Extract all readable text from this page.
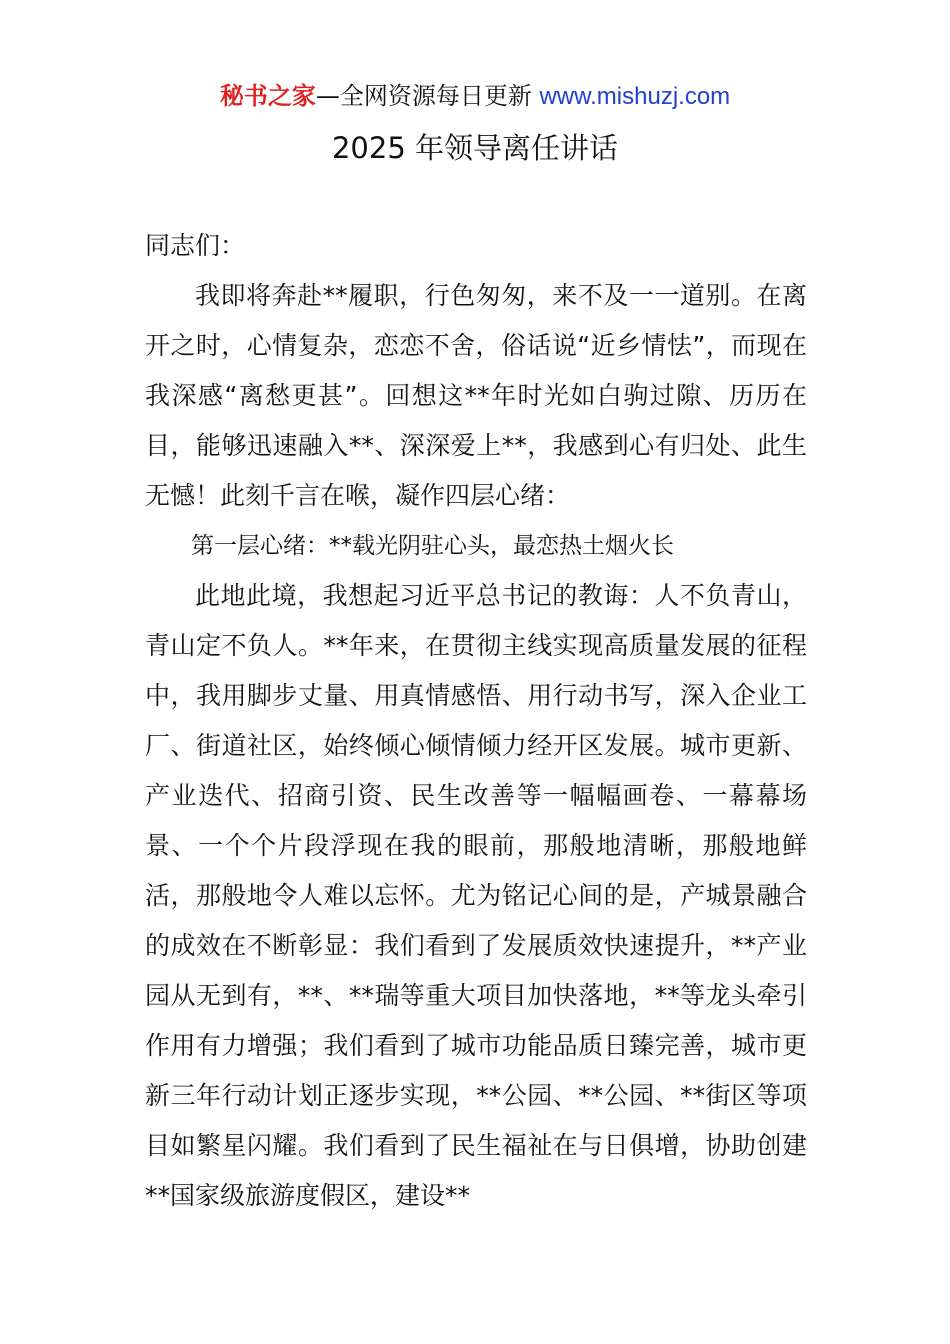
秘书之家—全网资源每日更新 www.mishuzj.com
2025 年领导离任讲话

同志们：

我即将奔赴**履职，行色匆匆，来不及一一道别。在离开之时，心情复杂，恋恋不舍，俗话说“近乡情怯”，而现在我深感“离愁更甚”。回想这**年时光如白驹过隙、历历在目，能够迅速融入**、深深爱上**，我感到心有归处、此生无憾！此刻千言在喉，凝作四层心绪：

第一层心绪：**载光阴驻心头，最恋热土烟火长

此地此境，我想起习近平总书记的教诲：人不负青山，青山定不负人。**年来，在贯彻主线实现高质量发展的征程中，我用脚步丈量、用真情感悟、用行动书写，深入企业工厂、街道社区，始终倾心倾情倾力经开区发展。城市更新、产业迭代、招商引资、民生改善等一幅幅画卷、一幕幕场景、一个个片段浮现在我的眼前，那般地清晰，那般地鲜活，那般地令人难以忘怀。尤为铭记心间的是，产城景融合的成效在不断彰显：我们看到了发展质效快速提升，**产业园从无到有，**、**瑞等重大项目加快落地，**等龙头牵引作用有力增强；我们看到了城市功能品质日臻完善，城市更新三年行动计划正逐步实现，**公园、**公园、**街区等项目如繁星闪耀。我们看到了民生福祉在与日俱增，协助创建**国家级旅游度假区，建设**
